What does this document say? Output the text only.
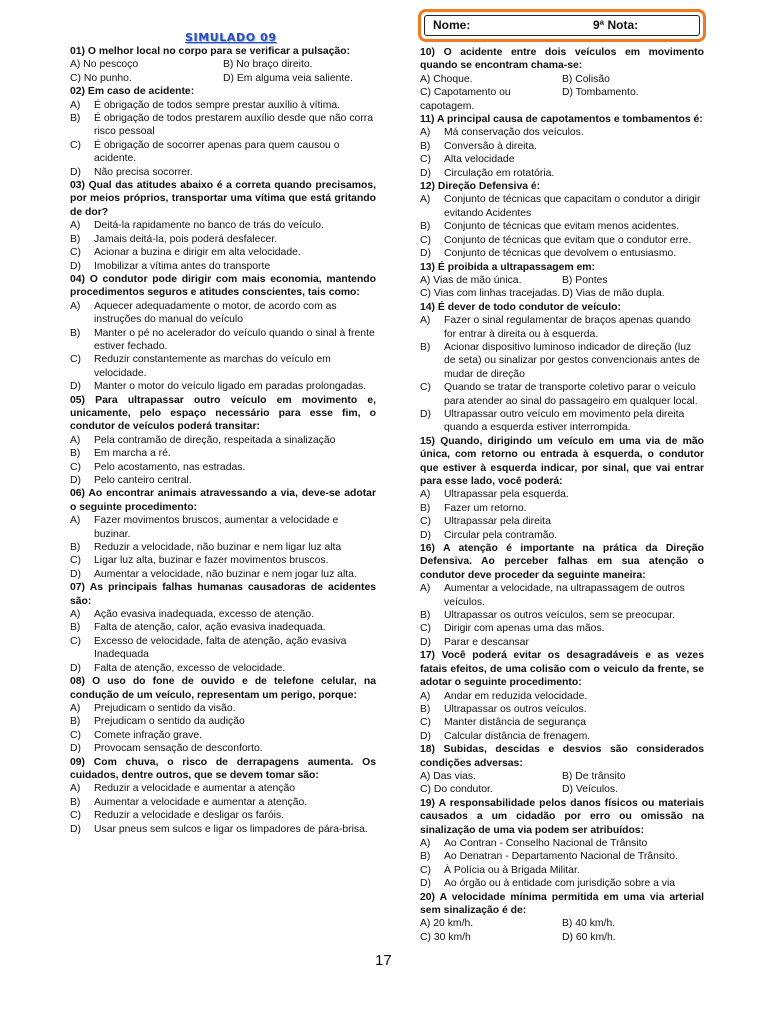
Nome:	9ª Nota:
SIMULADO 09
01) O melhor local no corpo para se verificar a pulsação:
A) No pescoço	B) No braço direito.
C) No punho.	D) Em alguma veia saliente.
02) Em caso de acidente:
A)	É obrigação de todos sempre prestar auxílio à vítima.
B)	É obrigação de todos prestarem auxílio desde que não corra risco pessoal
C)	É obrigação de socorrer apenas para quem causou o acidente.
D)	Não precisa socorrer.
03) Qual das atitudes abaixo é a correta quando precisamos, por meios próprios, transportar uma vítima que está gritando de dor?
A)	Deitá-la rapidamente no banco de trás do veículo.
B)	Jamais deitá-la, pois poderá desfalecer.
C)	Acionar a buzina e dirigir em alta velocidade.
D)	Imobilizar a vítima antes do transporte
04) O condutor pode dirigir com mais economia, mantendo procedimentos seguros e atitudes conscientes, tais como:
A)	Aquecer adequadamente o motor, de acordo com as instruções do manual do veículo
B)	Manter o pé no acelerador do veículo quando o sinal à frente estiver fechado.
C)	Reduzir constantemente as marchas do veículo em velocidade.
D)	Manter o motor do veículo ligado em paradas prolongadas.
05) Para ultrapassar outro veículo em movimento e, unicamente, pelo espaço necessário para esse fim, o condutor de veículos poderá transitar:
A)	Pela contramão de direção, respeitada a sinalização
B)	Em marcha a ré.
C)	Pelo acostamento, nas estradas.
D)	Pelo canteiro central.
06) Ao encontrar animais atravessando a via, deve-se adotar o seguinte procedimento:
A)	Fazer movimentos bruscos, aumentar a velocidade e buzinar.
B)	Reduzir a velocidade, não buzinar e nem ligar luz alta
C)	Ligar luz alta, buzinar e fazer movimentos bruscos.
D)	Aumentar a velocidade, não buzinar e nem jogar luz alta.
07) As principais falhas humanas causadoras de acidentes são:
A)	Ação evasiva inadequada, excesso de atenção.
B)	Falta de atenção, calor, ação evasiva inadequada.
C)	Excesso de velocidade, falta de atenção, ação evasiva Inadequada
D)	Falta de atenção, excesso de velocidade.
08) O uso do fone de ouvido e de telefone celular, na condução de um veículo, representam um perigo, porque:
A)	Prejudicam o sentido da visão.
B)	Prejudicam o sentido da audição
C)	Comete infração grave.
D)	Provocam sensação de desconforto.
09) Com chuva, o risco de derrapagens aumenta. Os cuidados, dentre outros, que se devem tomar são:
A)	Reduzir a velocidade e aumentar a atenção
B)	Aumentar a velocidade e aumentar a atenção.
C)	Reduzir a velocidade e desligar os faróis.
D)	Usar pneus sem sulcos e ligar os limpadores de pára-brisa.
10) O acidente entre dois veículos em movimento quando se encontram chama-se:
A) Choque.	B) Colisão
C) Capotamento ou capotagem.
D) Tombamento.
11) A principal causa de capotamentos e tombamentos é:
A)	Má conservação dos veículos.
B)	Conversão à direita.
C)	Alta velocidade
D)	Circulação em rotatória.
12) Direção Defensiva é:
A)	Conjunto de técnicas que capacitam o condutor a dirigir evitando Acidentes
B)	Conjunto de técnicas que evitam menos acidentes.
C)	Conjunto de técnicas que evitam que o condutor erre.
D)	Conjunto de técnicas que devolvem o entusiasmo.
13) É proibida a ultrapassagem em:
A) Vias de mão única.	B) Pontes
C) Vias com linhas tracejadas. D) Vias de mão dupla.
14) É dever de todo condutor de veículo:
A)	Fazer o sinal regulamentar de braços apenas quando for entrar à direita ou à esquerda.
B)	Acionar dispositivo luminoso indicador de direção (luz de seta) ou sinalizar por gestos convencionais antes de mudar de direção
C)	Quando se tratar de transporte coletivo parar o veículo para atender ao sinal do passageiro em qualquer local.
D)	Ultrapassar outro veículo em movimento pela direita quando a esquerda estiver interrompida.
15) Quando, dirigindo um veículo em uma via de mão única, com retorno ou entrada à esquerda, o condutor que estiver à esquerda indicar, por sinal, que vai entrar para esse lado, você poderá:
A)	Ultrapassar pela esquerda.
B)	Fazer um retorno.
C)	Ultrapassar pela direita
D)	Circular pela contramão.
16) A atenção é importante na prática da Direção Defensiva. Ao perceber falhas em sua atenção o condutor deve proceder da seguinte maneira:
A)	Aumentar a velocidade, na ultrapassagem de outros veículos.
B)	Ultrapassar os outros veículos, sem se preocupar.
C)	Dirigir com apenas uma das mãos.
D)	Parar e descansar
17) Você poderá evitar os desagradáveis e as vezes fatais efeitos, de uma colisão com o veiculo da frente, se adotar o seguinte procedimento:
A)	Andar em reduzida velocidade.
B)	Ultrapassar os outros veículos.
C)	Manter distância de segurança
D)	Calcular distância de frenagem.
18) Subidas, descidas e desvios são considerados condições adversas:
A) Das vias.	B) De trânsito
C) Do condutor.	D) Veículos.
19) A responsabilidade pelos danos físicos ou materiais causados a um cidadão por erro ou omissão na sinalização de uma via podem ser atribuídos:
A)	Ao Contran - Conselho Nacional de Trânsito
B)	Ao Denatran - Departamento Nacional de Trânsito.
C)	À Polícia ou à Brigada Militar.
D)	Ao órgão ou à entidade com jurisdição sobre a via
20) A velocidade mínima permitida em uma via arterial sem sinalização é de:
A) 20 km/h.	B) 40 km/h.
C) 30 km/h	D) 60 km/h.
17
